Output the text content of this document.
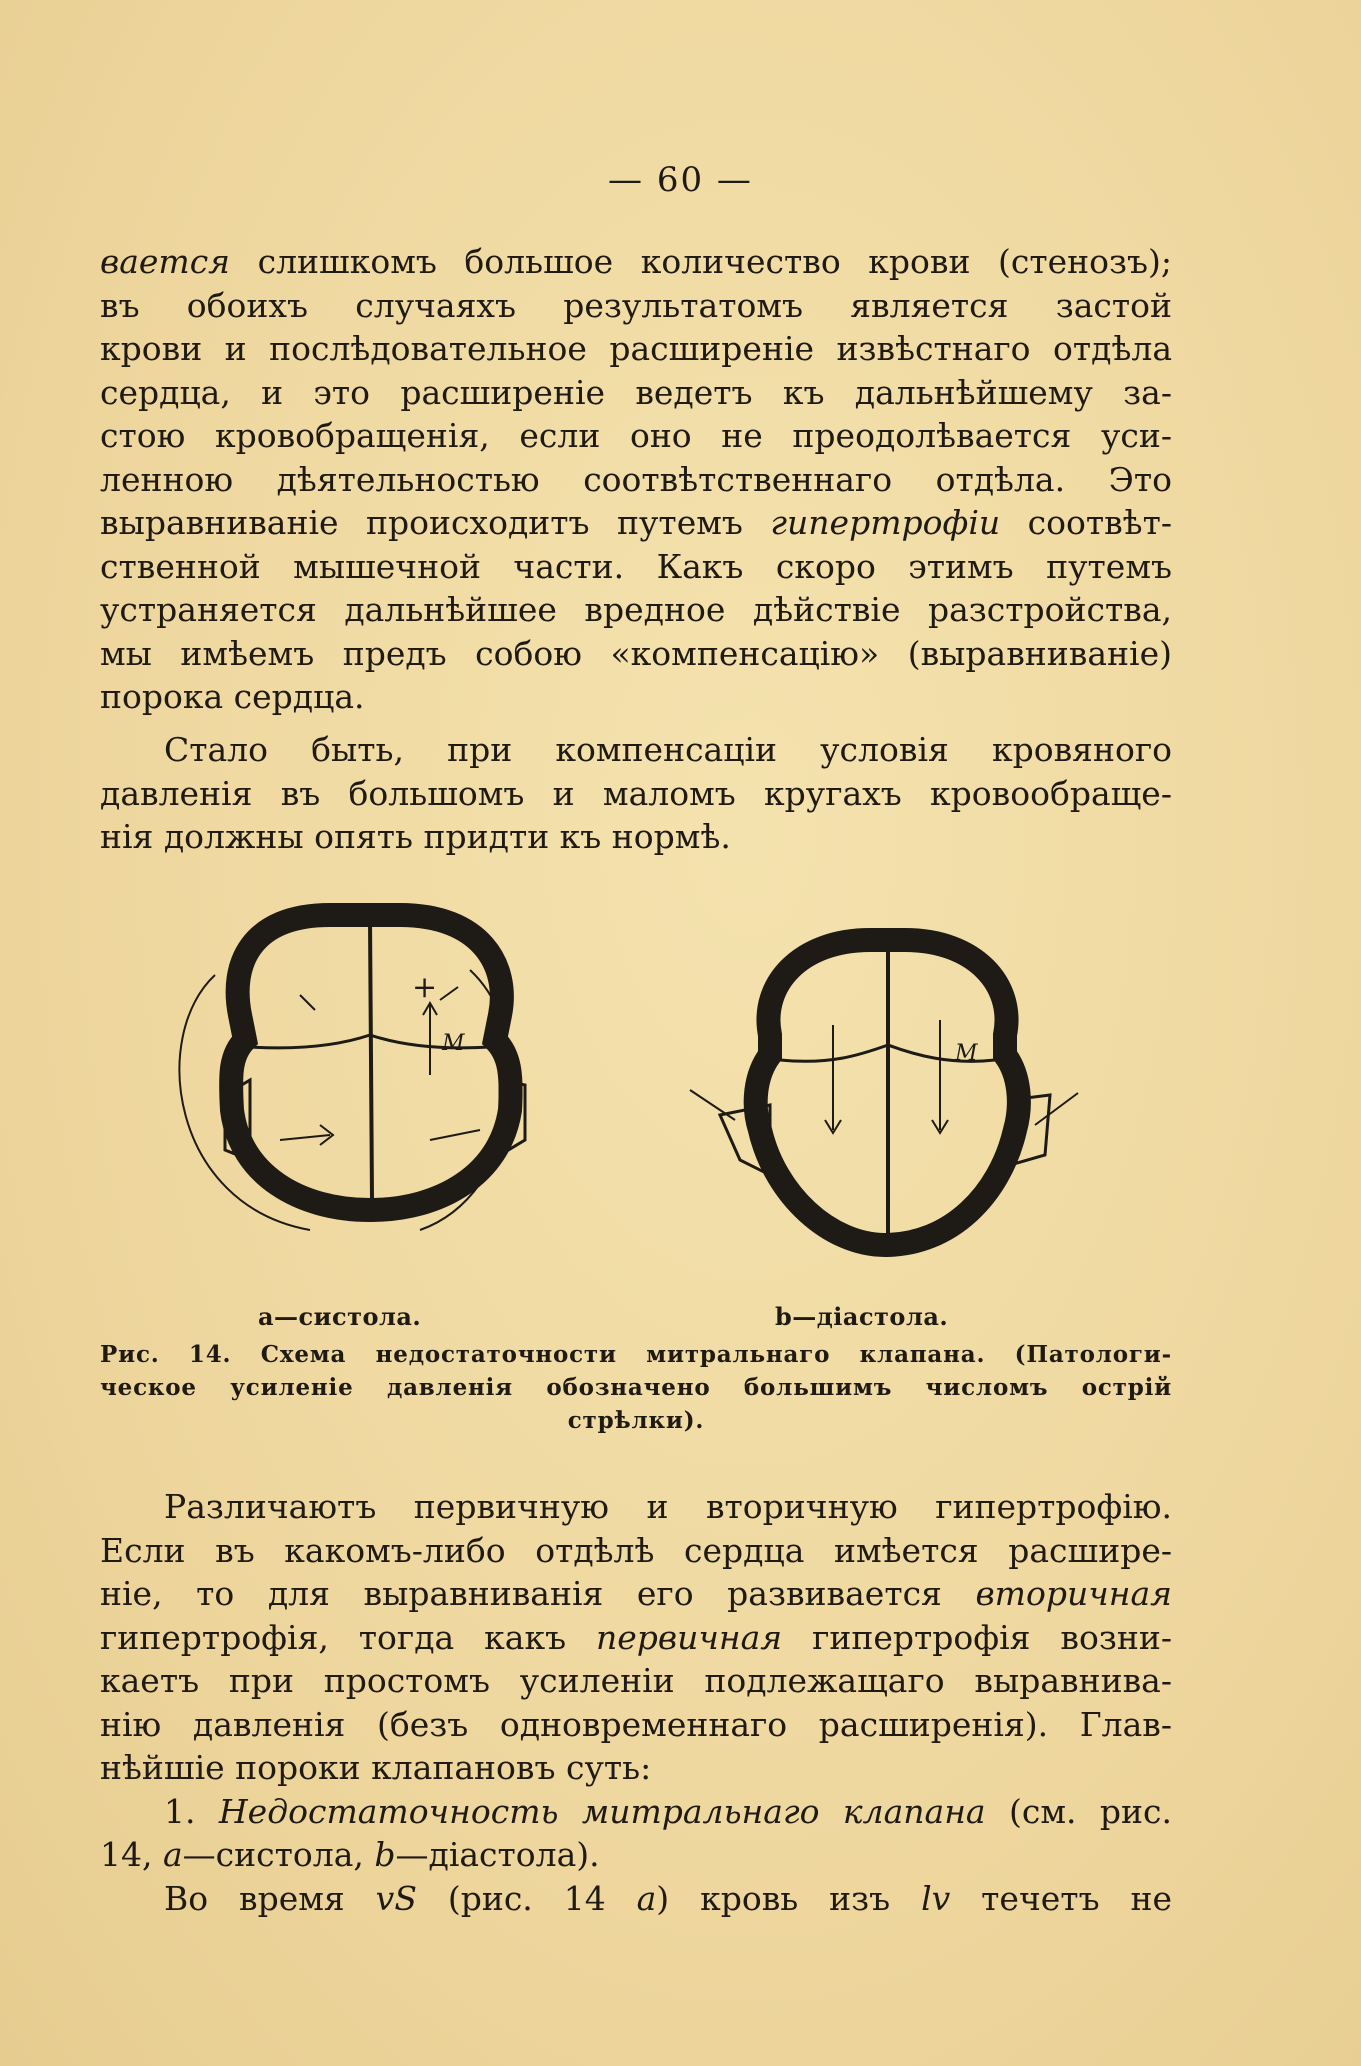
— 60 —
вается слишкомъ большое количество крови (стенозъ);
въ обоихъ случаяхъ результатомъ является застой
крови и послѣдовательное расширеніе извѣстнаго отдѣла
сердца, и это расширеніе ведетъ къ дальнѣйшему за-
стою кровобращенія, если оно не преодолѣвается уси-
ленною дѣятельностью соотвѣтственнаго отдѣла. Это
выравниваніе происходитъ путемъ гипертрофіи соотвѣт-
ственной мышечной части. Какъ скоро этимъ путемъ
устраняется дальнѣйшее вредное дѣйствіе разстройства,
мы имѣемъ предъ собою «компенсацію» (выравниваніе)
порока сердца.
Стало быть, при компенсаціи условія кровяного
давленія въ большомъ и маломъ кругахъ кровообраще-
нія должны опять придти къ нормѣ.
+
M	M
a—систола.	b—діастола.
Рис. 14. Схема недостаточности митральнаго клапана. (Патологи-
ческое усиленіе давленія обозначено большимъ числомъ острій
стрѣлки).
Различаютъ первичную и вторичную гипертрофію.
Если въ какомъ-либо отдѣлѣ сердца имѣется расшире-
ніе, то для выравниванія его развивается вторичная
гипертрофія, тогда какъ первичная гипертрофія возни-
каетъ при простомъ усиленіи подлежащаго выравнива-
нію давленія (безъ одновременнаго расширенія). Глав-
нѣйшіе пороки клапановъ суть:
1. Недостаточность митральнаго клапана (см. рис.
14, a—систола, b—діастола).
Во время vS (рис. 14 a) кровь изъ lv течетъ не
